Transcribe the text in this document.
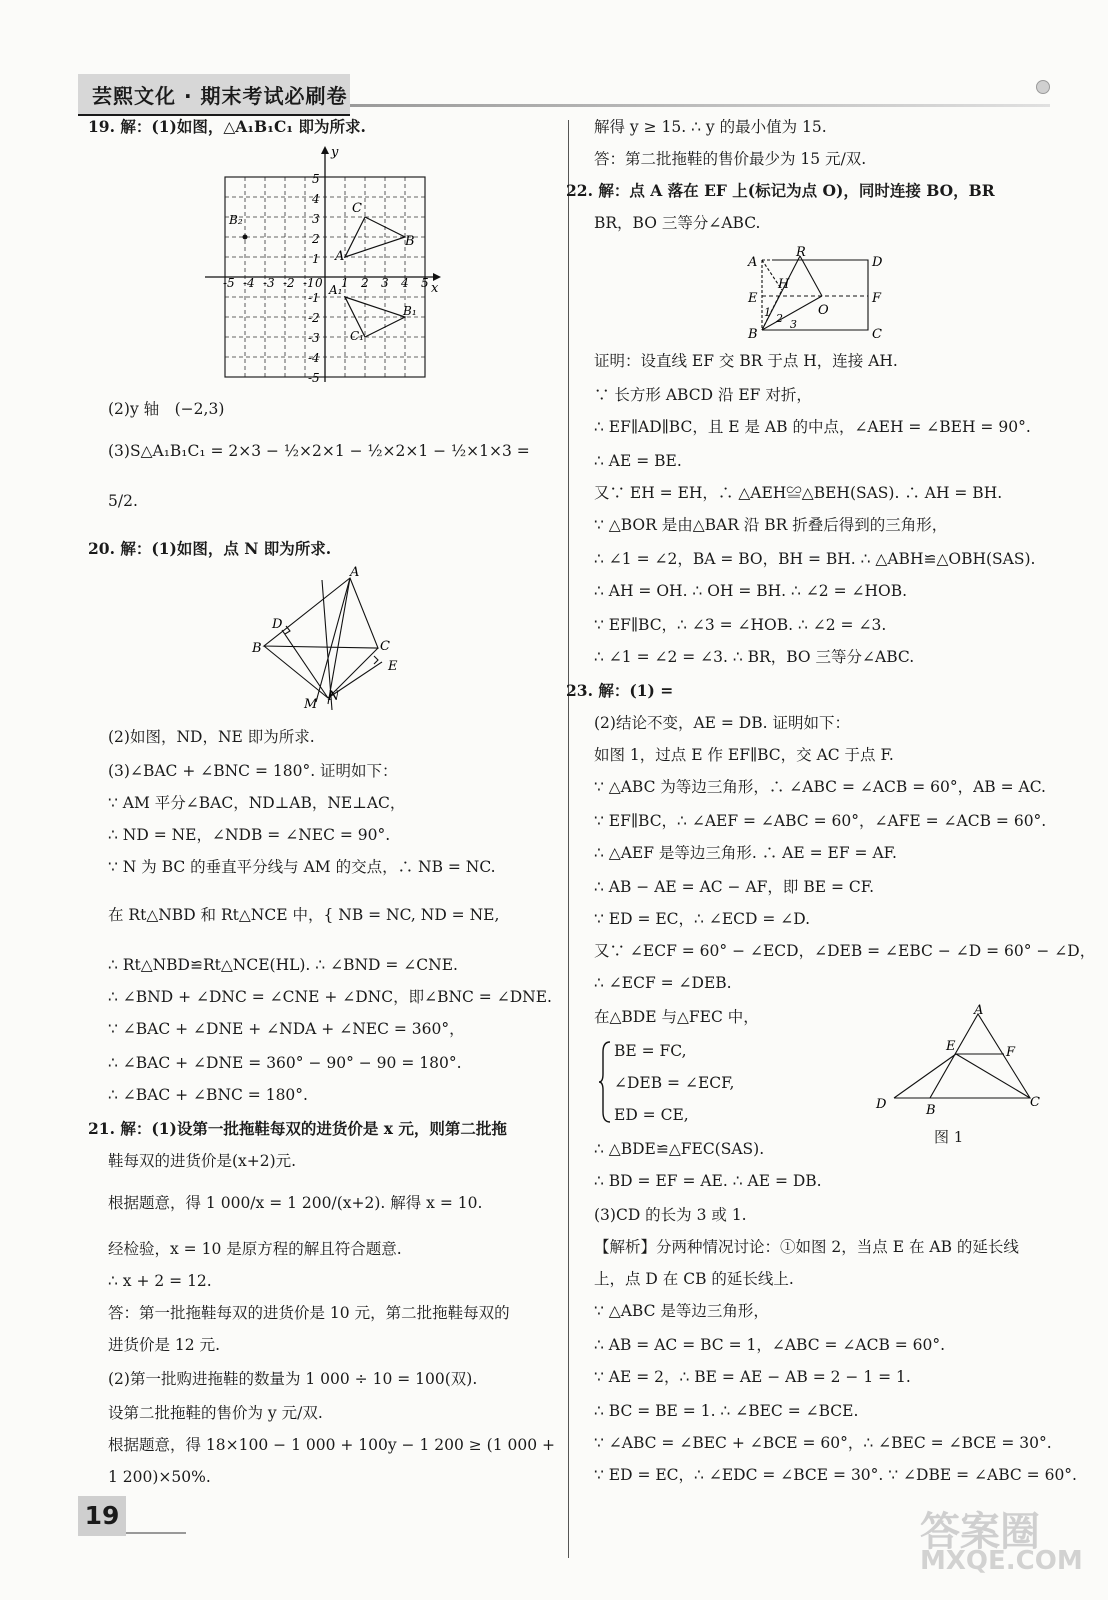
芸熙文化 · 期末考试必刷卷
19. 解：(1)如图，△A₁B₁C₁ 即为所求.
y
x
A
B
C
A₁
B₁
C₁
B₂
5
4
3
2
1
-1
-2
-3
-4
-5
-5 -4 -3 -2 -1 0 1 2 3 4 5
(2)y 轴　(−2,3)
(3)S△A₁B₁C₁ = 2×3 − ½×2×1 − ½×2×1 − ½×1×3 =
5/2.
20. 解：(1)如图，点 N 即为所求.
A
B	C
D
E
M
N
(2)如图，ND，NE 即为所求.
(3)∠BAC + ∠BNC = 180°. 证明如下：
∵ AM 平分∠BAC，ND⊥AB，NE⊥AC，
∴ ND = NE，∠NDB = ∠NEC = 90°.
∵ N 为 BC 的垂直平分线与 AM 的交点，∴ NB = NC.
在 Rt△NBD 和 Rt△NCE 中，{ NB = NC, ND = NE,
∴ Rt△NBD≌Rt△NCE(HL). ∴ ∠BND = ∠CNE.
∴ ∠BND + ∠DNC = ∠CNE + ∠DNC，即∠BNC = ∠DNE.
∵ ∠BAC + ∠DNE + ∠NDA + ∠NEC = 360°，
∴ ∠BAC + ∠DNE = 360° − 90° − 90 = 180°.
∴ ∠BAC + ∠BNC = 180°.
21. 解：(1)设第一批拖鞋每双的进货价是 x 元，则第二批拖
鞋每双的进货价是(x+2)元.
根据题意，得 1 000/x = 1 200/(x+2). 解得 x = 10.
经检验，x = 10 是原方程的解且符合题意.
∴ x + 2 = 12.
答：第一批拖鞋每双的进货价是 10 元，第二批拖鞋每双的
进货价是 12 元.
(2)第一批购进拖鞋的数量为 1 000 ÷ 10 = 100(双).
设第二批拖鞋的售价为 y 元/双.
根据题意，得 18×100 − 1 000 + 100y − 1 200 ≥ (1 000 +
1 200)×50%.
解得 y ≥ 15. ∴ y 的最小值为 15.
答：第二批拖鞋的售价最少为 15 元/双.
22. 解：点 A 落在 EF 上(标记为点 O)，同时连接 BO，BR
BR，BO 三等分∠ABC.
A	D
E	F
B	C
R
H
O
1 2 3
证明：设直线 EF 交 BR 于点 H，连接 AH.
∵ 长方形 ABCD 沿 EF 对折，
∴ EF∥AD∥BC，且 E 是 AB 的中点，∠AEH = ∠BEH = 90°.
∴ AE = BE.
又∵ EH = EH，∴ △AEH≌△BEH(SAS). ∴ AH = BH.
∵ △BOR 是由△BAR 沿 BR 折叠后得到的三角形，
∴ ∠1 = ∠2，BA = BO，BH = BH. ∴ △ABH≌△OBH(SAS).
∴ AH = OH. ∴ OH = BH. ∴ ∠2 = ∠HOB.
∵ EF∥BC，∴ ∠3 = ∠HOB. ∴ ∠2 = ∠3.
∴ ∠1 = ∠2 = ∠3. ∴ BR，BO 三等分∠ABC.
23. 解：(1) =
(2)结论不变，AE = DB. 证明如下：
如图 1，过点 E 作 EF∥BC，交 AC 于点 F.
∵ △ABC 为等边三角形，∴ ∠ABC = ∠ACB = 60°，AB = AC.
∵ EF∥BC，∴ ∠AEF = ∠ABC = 60°，∠AFE = ∠ACB = 60°.
∴ △AEF 是等边三角形. ∴ AE = EF = AF.
∴ AB − AE = AC − AF，即 BE = CF.
∵ ED = EC，∴ ∠ECD = ∠D.
又∵ ∠ECF = 60° − ∠ECD，∠DEB = ∠EBC − ∠D = 60° − ∠D，
∴ ∠ECF = ∠DEB.
在△BDE 与△FEC 中，
BE = FC,
∠DEB = ∠ECF,
ED = CE,
A
E	F
D	B
C
图 1
∴ △BDE≌△FEC(SAS).
∴ BD = EF = AE. ∴ AE = DB.
(3)CD 的长为 3 或 1.
【解析】分两种情况讨论：①如图 2，当点 E 在 AB 的延长线
上，点 D 在 CB 的延长线上.
∵ △ABC 是等边三角形，
∴ AB = AC = BC = 1，∠ABC = ∠ACB = 60°.
∵ AE = 2，∴ BE = AE − AB = 2 − 1 = 1.
∴ BC = BE = 1. ∴ ∠BEC = ∠BCE.
∵ ∠ABC = ∠BEC + ∠BCE = 60°，∴ ∠BEC = ∠BCE = 30°.
∵ ED = EC，∴ ∠EDC = ∠BCE = 30°. ∵ ∠DBE = ∠ABC = 60°.
19	答案圈
MXQE.COM
